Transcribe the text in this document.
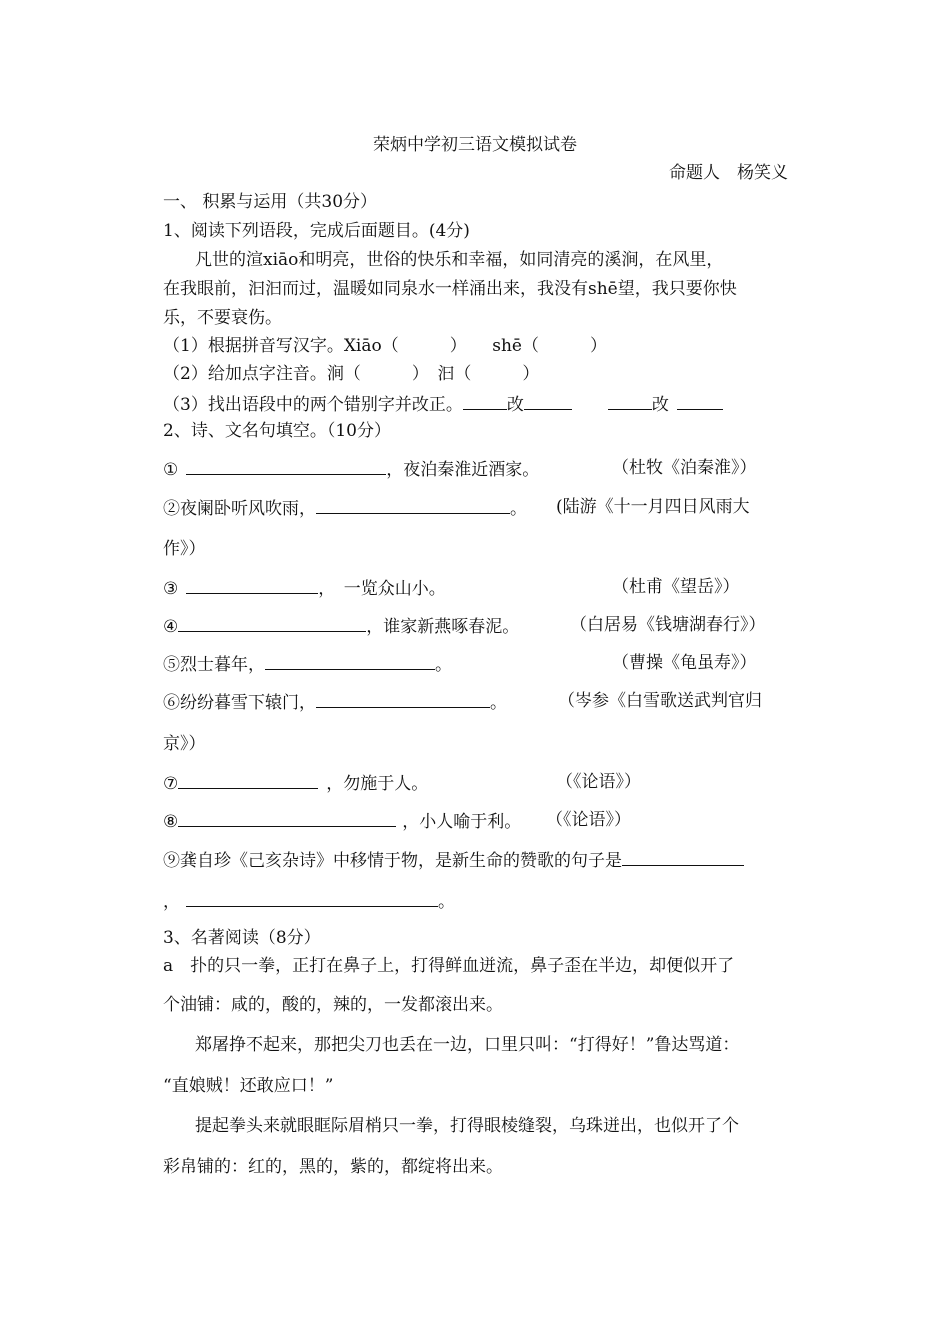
荣炳中学初三语文模拟试卷
命题人　杨笑义
一、 积累与运用（共30分）
1、阅读下列语段，完成后面题目。(4分)
凡世的渲xiāo和明亮，世俗的快乐和幸福，如同清亮的溪涧，在风里，
在我眼前，汩汩而过，温暖如同泉水一样涌出来，我没有shē望，我只要你快
乐，不要衰伤。
（1）根据拼音写汉字。Xiāo（　　　）　　shē（　　　）
（2）给加点字注音。涧（　　　）　汩（　　　）
（3）找出语段中的两个错别字并改正。	改	改
2、诗、文名句填空。（10分）
①	，夜泊秦淮近酒家。	（杜牧《泊秦淮》）
②夜阑卧听风吹雨，	。 (陆游《十一月四日风雨大
作》）
③	，　一览众山小。	（杜甫《望岳》）
④	，谁家新燕啄春泥。	（白居易《钱塘湖春行》）
⑤烈士暮年，	。	（曹操《龟虽寿》）
⑥纷纷暮雪下辕门，	。	（岑参《白雪歌送武判官归
京》）
⑦	，勿施于人。	（《论语》）
⑧	，小人喻于利。 （《论语》）
⑨龚自珍《己亥杂诗》中移情于物，是新生命的赞歌的句子是
，	。
3、名著阅读（8分）
a　扑的只一拳，正打在鼻子上，打得鲜血迸流，鼻子歪在半边，却便似开了
个油铺：咸的，酸的，辣的，一发都滚出来。
郑屠挣不起来，那把尖刀也丢在一边，口里只叫：“打得好！”鲁达骂道：
“直娘贼！还敢应口！”
提起拳头来就眼眶际眉梢只一拳，打得眼棱缝裂，乌珠迸出，也似开了个
彩帛铺的：红的，黑的，紫的，都绽将出来。
